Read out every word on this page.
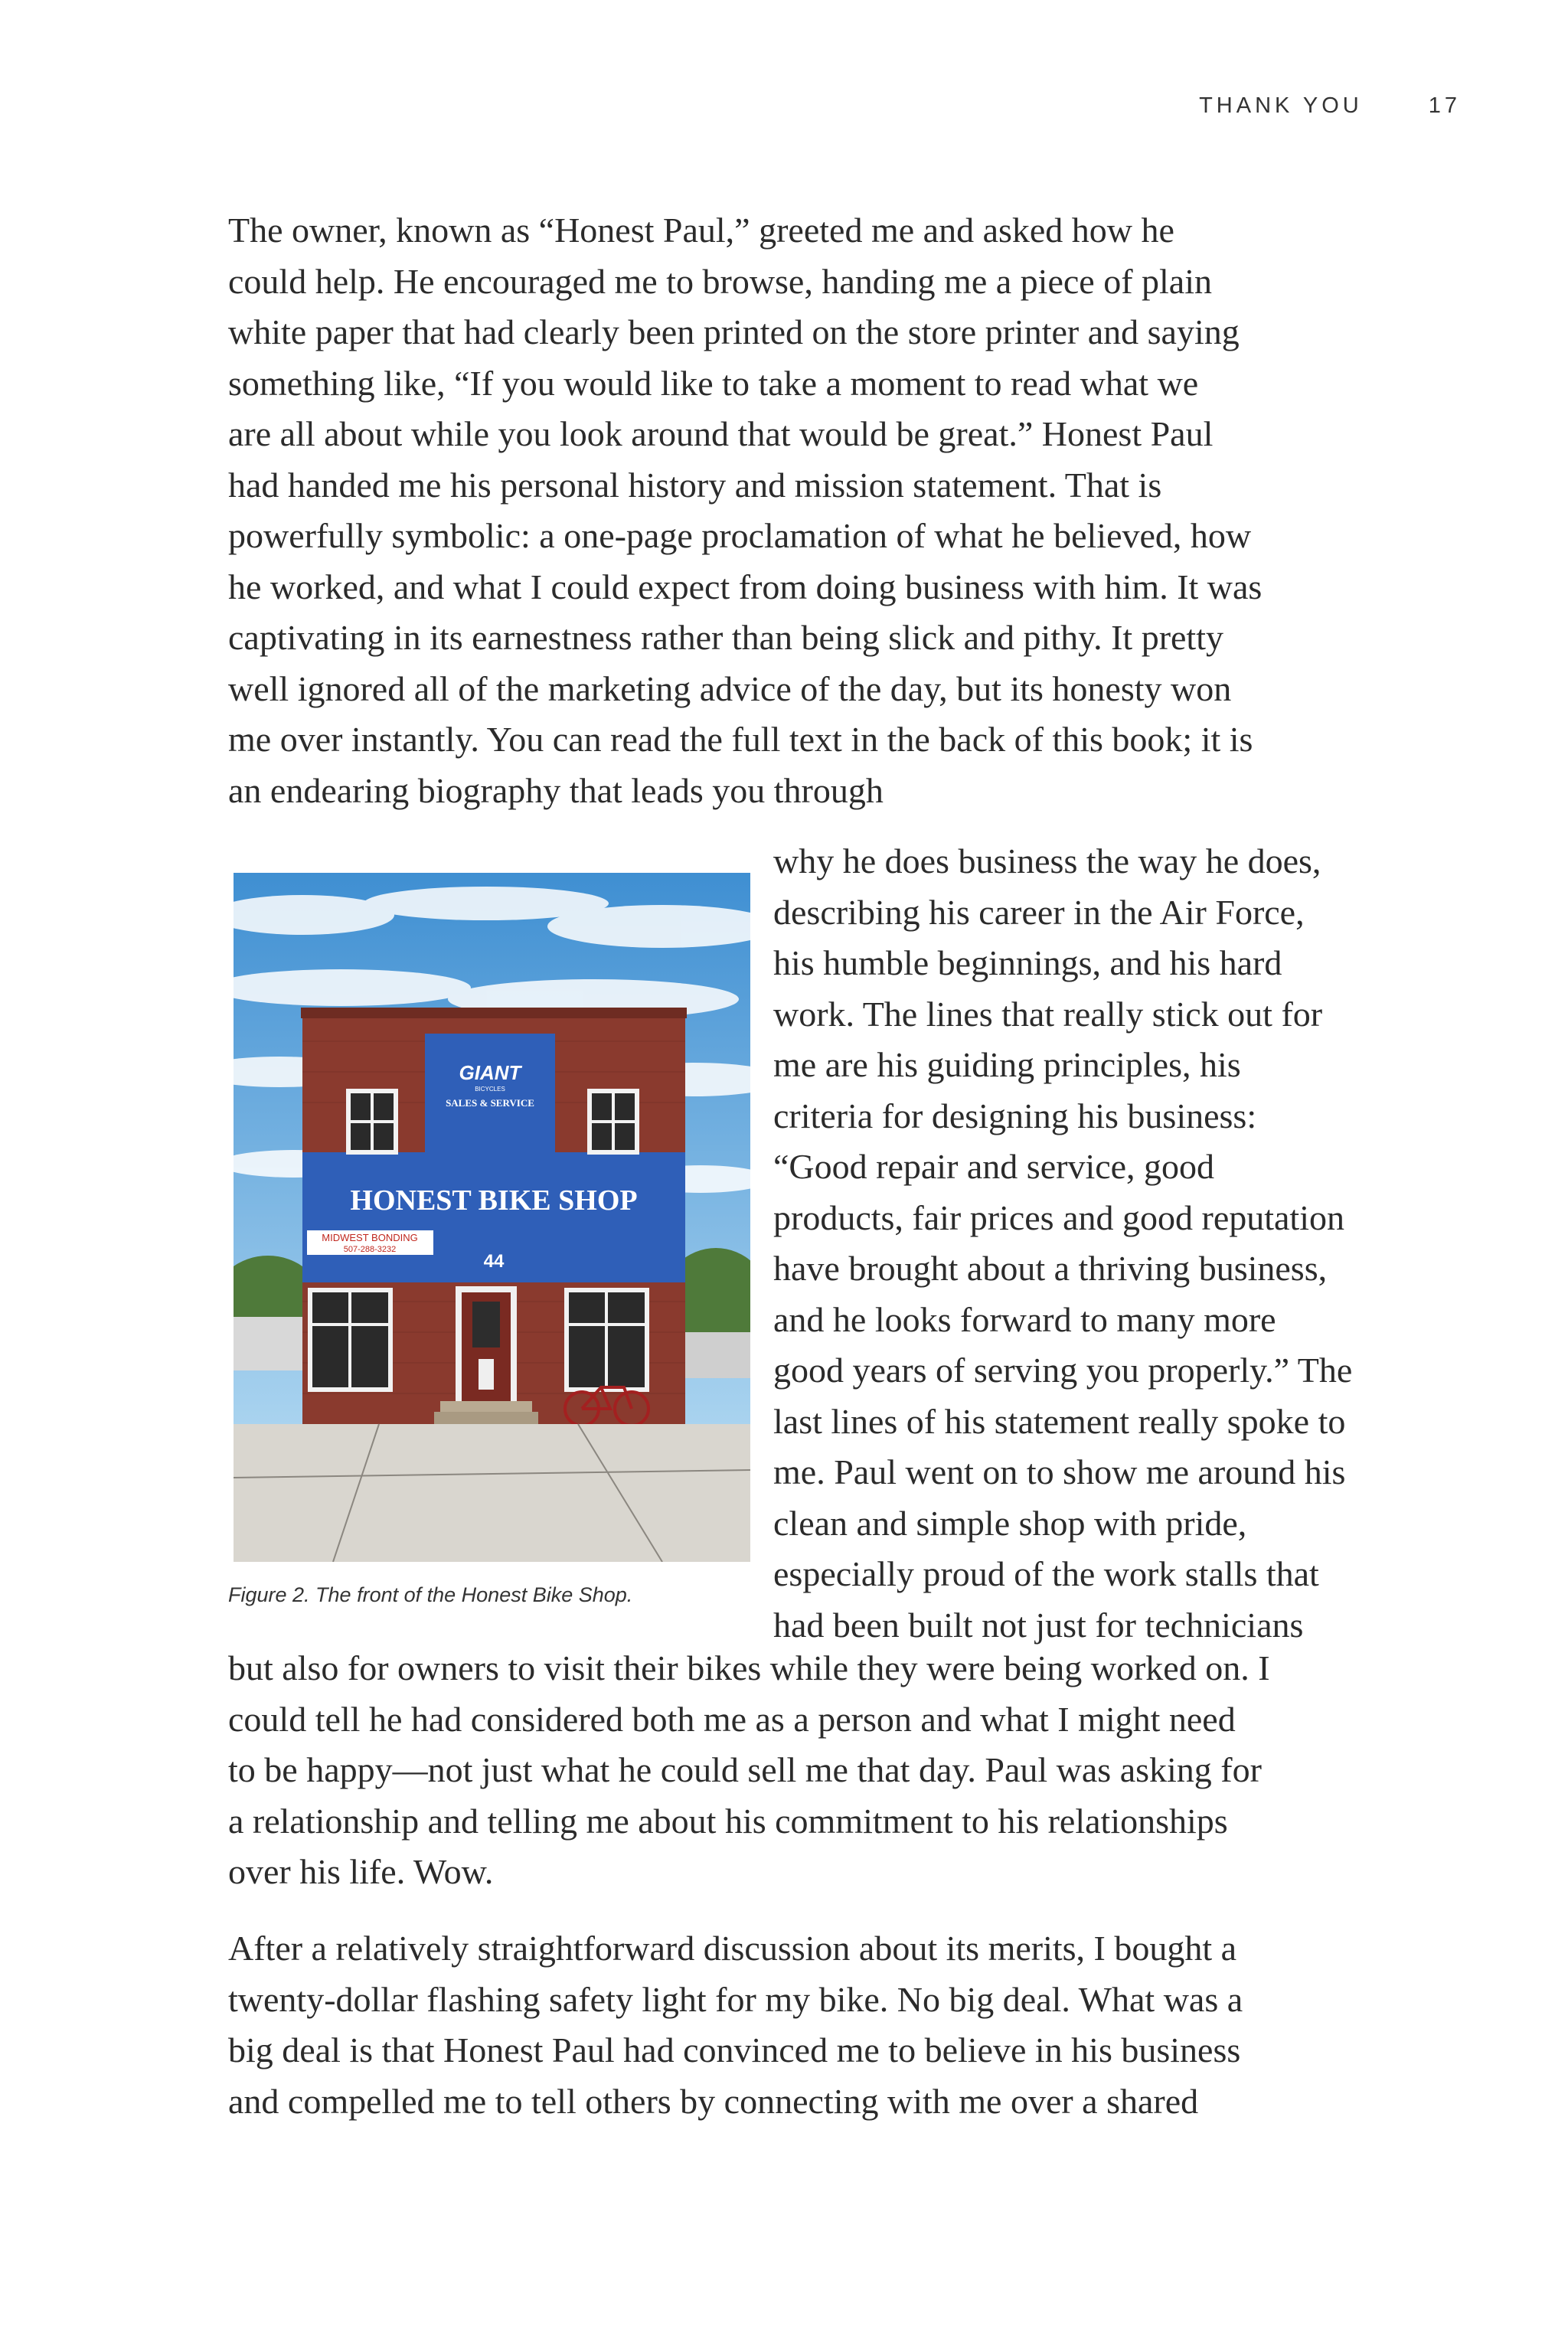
THANK YOU	17
The owner, known as “Honest Paul,” greeted me and asked how he
could help. He encouraged me to browse, handing me a piece of plain
white paper that had clearly been printed on the store printer and saying
something like, “If you would like to take a moment to read what we
are all about while you look around that would be great.” Honest Paul
had handed me his personal history and mission statement. That is
powerfully symbolic: a one-page proclamation of what he believed, how
he worked, and what I could expect from doing business with him. It was
captivating in its earnestness rather than being slick and pithy. It pretty
well ignored all of the marketing advice of the day, but its honesty won
me over instantly. You can read the full text in the back of this book; it is
an endearing biography that leads you through
GIANT
BICYCLES
SALES & SERVICE
HONEST BIKE SHOP
MIDWEST BONDING
507-288-3232
44
Figure 2. The front of the Honest Bike Shop.
why he does business the way he does,
describing his career in the Air Force,
his humble beginnings, and his hard
work. The lines that really stick out for
me are his guiding principles, his
criteria for designing his business:
“Good repair and service, good
products, fair prices and good reputation
have brought about a thriving business,
and he looks forward to many more
good years of serving you properly.” The
last lines of his statement really spoke to
me. Paul went on to show me around his
clean and simple shop with pride,
especially proud of the work stalls that
had been built not just for technicians
but also for owners to visit their bikes while they were being worked on. I
could tell he had considered both me as a person and what I might need
to be happy—not just what he could sell me that day. Paul was asking for
a relationship and telling me about his commitment to his relationships
over his life. Wow.
After a relatively straightforward discussion about its merits, I bought a
twenty-dollar flashing safety light for my bike. No big deal. What was a
big deal is that Honest Paul had convinced me to believe in his business
and compelled me to tell others by connecting with me over a shared
